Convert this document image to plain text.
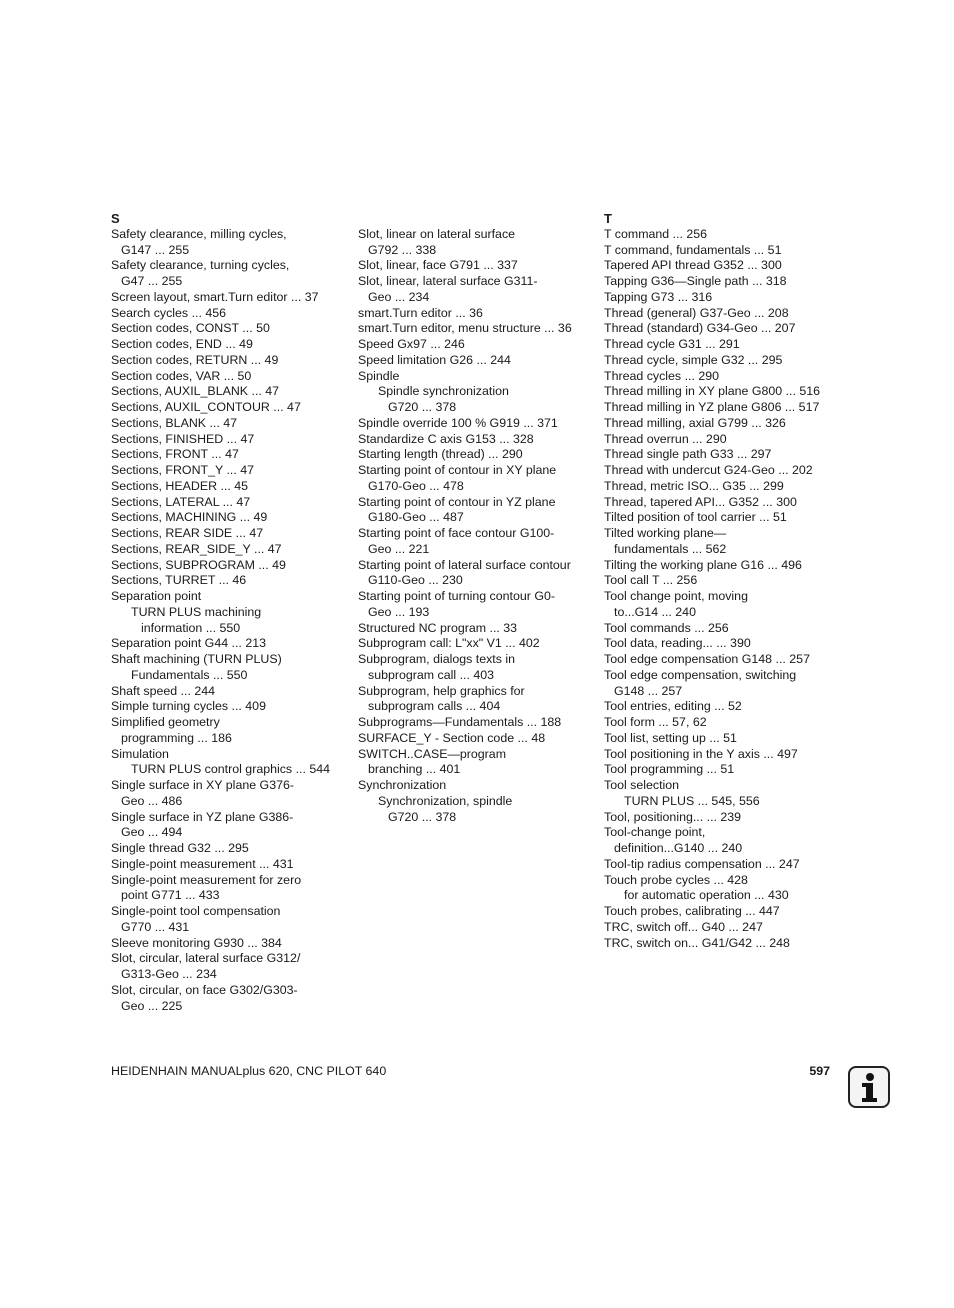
S
Safety clearance, milling cycles,
G147 ... 255
Safety clearance, turning cycles,
G47 ... 255
Screen layout, smart.Turn editor ... 37
Search cycles ... 456
Section codes, CONST ... 50
Section codes, END ... 49
Section codes, RETURN ... 49
Section codes, VAR ... 50
Sections, AUXIL_BLANK ... 47
Sections, AUXIL_CONTOUR ... 47
Sections, BLANK ... 47
Sections, FINISHED ... 47
Sections, FRONT ... 47
Sections, FRONT_Y ... 47
Sections, HEADER ... 45
Sections, LATERAL ... 47
Sections, MACHINING ... 49
Sections, REAR SIDE ... 47
Sections, REAR_SIDE_Y ... 47
Sections, SUBPROGRAM ... 49
Sections, TURRET ... 46
Separation point
TURN PLUS machining
information ... 550
Separation point G44 ... 213
Shaft machining (TURN PLUS)
Fundamentals ... 550
Shaft speed ... 244
Simple turning cycles ... 409
Simplified geometry
programming ... 186
Simulation
TURN PLUS control graphics ... 544
Single surface in XY plane G376-
Geo ... 486
Single surface in YZ plane G386-
Geo ... 494
Single thread G32 ... 295
Single-point measurement ... 431
Single-point measurement for zero
point G771 ... 433
Single-point tool compensation
G770 ... 431
Sleeve monitoring G930 ... 384
Slot, circular, lateral surface G312/
G313-Geo ... 234
Slot, circular, on face G302/G303-
Geo ... 225
Slot, linear on lateral surface
G792 ... 338
Slot, linear, face G791 ... 337
Slot, linear, lateral surface G311-
Geo ... 234
smart.Turn editor ... 36
smart.Turn editor, menu structure ... 36
Speed Gx97 ... 246
Speed limitation G26 ... 244
Spindle
Spindle synchronization
G720 ... 378
Spindle override 100 % G919 ... 371
Standardize C axis G153 ... 328
Starting length (thread) ... 290
Starting point of contour in XY plane
G170-Geo ... 478
Starting point of contour in YZ plane
G180-Geo ... 487
Starting point of face contour G100-
Geo ... 221
Starting point of lateral surface contour
G110-Geo ... 230
Starting point of turning contour G0-
Geo ... 193
Structured NC program ... 33
Subprogram call: L"xx" V1 ... 402
Subprogram, dialogs texts in
subprogram call ... 403
Subprogram, help graphics for
subprogram calls ... 404
Subprograms—Fundamentals ... 188
SURFACE_Y - Section code ... 48
SWITCH..CASE—program
branching ... 401
Synchronization
Synchronization, spindle
G720 ... 378
T
T command ... 256
T command, fundamentals ... 51
Tapered API thread G352 ... 300
Tapping G36—Single path ... 318
Tapping G73 ... 316
Thread (general) G37-Geo ... 208
Thread (standard) G34-Geo ... 207
Thread cycle G31 ... 291
Thread cycle, simple G32 ... 295
Thread cycles ... 290
Thread milling in XY plane G800 ... 516
Thread milling in YZ plane G806 ... 517
Thread milling, axial G799 ... 326
Thread overrun ... 290
Thread single path G33 ... 297
Thread with undercut G24-Geo ... 202
Thread, metric ISO... G35 ... 299
Thread, tapered API... G352 ... 300
Tilted position of tool carrier ... 51
Tilted working plane—
fundamentals ... 562
Tilting the working plane G16 ... 496
Tool call T ... 256
Tool change point, moving
to...G14 ... 240
Tool commands ... 256
Tool data, reading... ... 390
Tool edge compensation G148 ... 257
Tool edge compensation, switching
G148 ... 257
Tool entries, editing ... 52
Tool form ... 57, 62
Tool list, setting up ... 51
Tool positioning in the Y axis ... 497
Tool programming ... 51
Tool selection
TURN PLUS ... 545, 556
Tool, positioning... ... 239
Tool-change point,
definition...G140 ... 240
Tool-tip radius compensation ... 247
Touch probe cycles ... 428
for automatic operation ... 430
Touch probes, calibrating ... 447
TRC, switch off... G40 ... 247
TRC, switch on... G41/G42 ... 248
HEIDENHAIN MANUALplus 620, CNC PILOT 640	597
